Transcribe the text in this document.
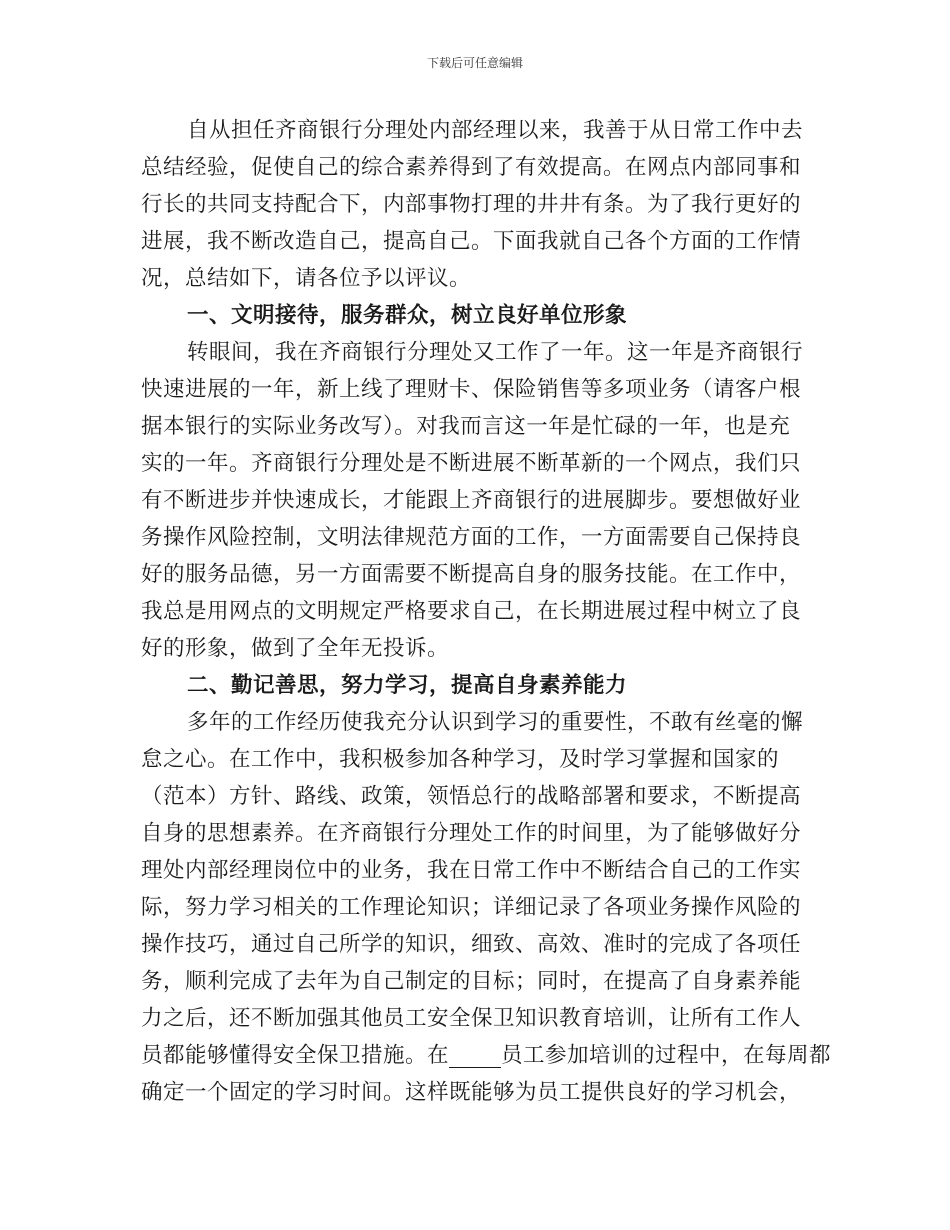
下载后可任意编辑
自从担任齐商银行分理处内部经理以来，我善于从日常工作中去
总结经验，促使自己的综合素养得到了有效提高。在网点内部同事和
行长的共同支持配合下，内部事物打理的井井有条。为了我行更好的
进展，我不断改造自己，提高自己。下面我就自己各个方面的工作情
况，总结如下，请各位予以评议。
一、文明接待，服务群众，树立良好单位形象
转眼间，我在齐商银行分理处又工作了一年。这一年是齐商银行
快速进展的一年，新上线了理财卡、保险销售等多项业务（请客户根
据本银行的实际业务改写）。对我而言这一年是忙碌的一年，也是充
实的一年。齐商银行分理处是不断进展不断革新的一个网点，我们只
有不断进步并快速成长，才能跟上齐商银行的进展脚步。要想做好业
务操作风险控制，文明法律规范方面的工作，一方面需要自己保持良
好的服务品德，另一方面需要不断提高自身的服务技能。在工作中，
我总是用网点的文明规定严格要求自己，在长期进展过程中树立了良
好的形象，做到了全年无投诉。
二、勤记善思，努力学习，提高自身素养能力
多年的工作经历使我充分认识到学习的重要性，不敢有丝毫的懈
怠之心。在工作中，我积极参加各种学习，及时学习掌握和国家的
（范本）方针、路线、政策，领悟总行的战略部署和要求，不断提高
自身的思想素养。在齐商银行分理处工作的时间里，为了能够做好分
理处内部经理岗位中的业务，我在日常工作中不断结合自己的工作实
际，努力学习相关的工作理论知识；详细记录了各项业务操作风险的
操作技巧，通过自己所学的知识，细致、高效、准时的完成了各项任
务，顺利完成了去年为自己制定的目标；同时，在提高了自身素养能
力之后，还不断加强其他员工安全保卫知识教育培训，让所有工作人
员都能够懂得安全保卫措施。在 员工参加培训的过程中，在每周都
确定一个固定的学习时间。这样既能够为员工提供良好的学习机会，
